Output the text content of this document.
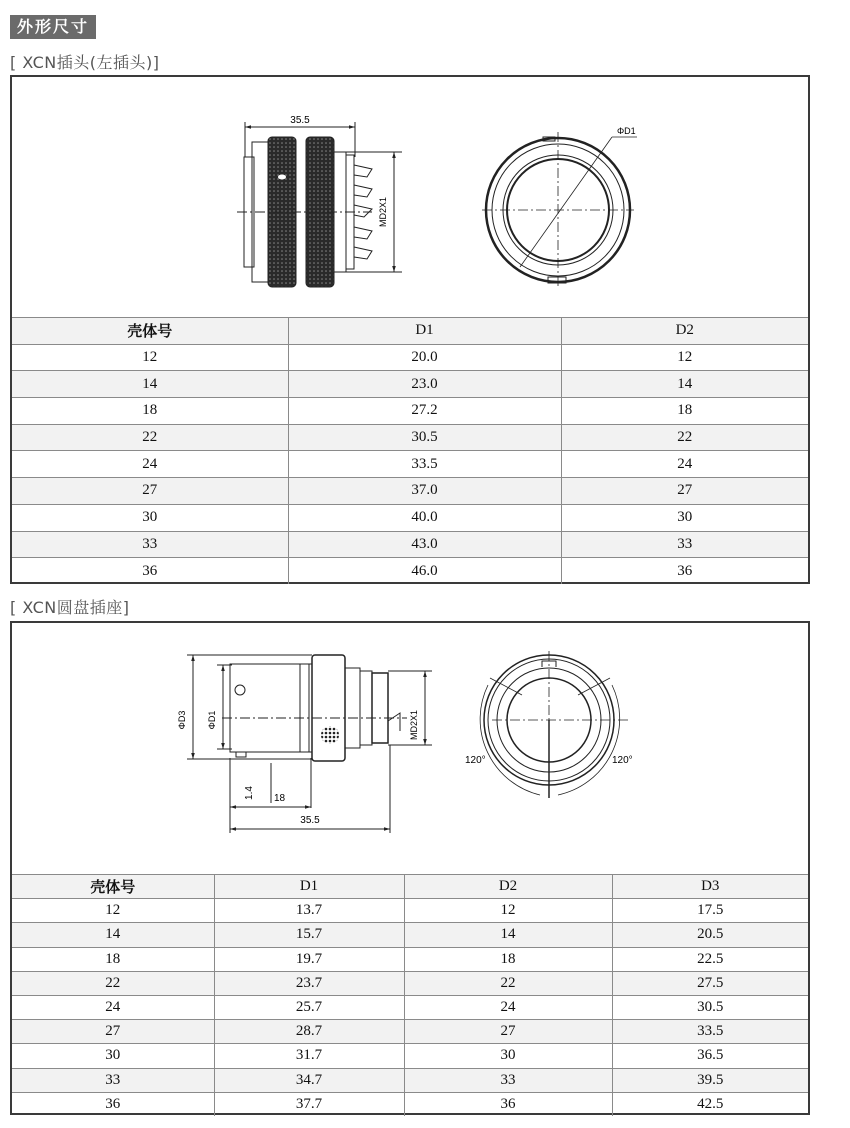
外形尺寸
[ XCN插头(左插头)]
35.5
MD2X1
ΦD1
壳体号	D1	D2
12	20.0	12
14	23.0	14
18	27.2	18
22	30.5	22
24	33.5	24
27	37.0	27
30	40.0	30
33	43.0	33
36	46.0	36
[ XCN圆盘插座]
ΦD3 ΦD1	MD2X1
1.4 18
35.5
120°	120°
壳体号	D1	D2	D3
12	13.7	12	17.5
14	15.7	14	20.5
18	19.7	18	22.5
22	23.7	22	27.5
24	25.7	24	30.5
27	28.7	27	33.5
30	31.7	30	36.5
33	34.7	33	39.5
36	37.7	36	42.5
